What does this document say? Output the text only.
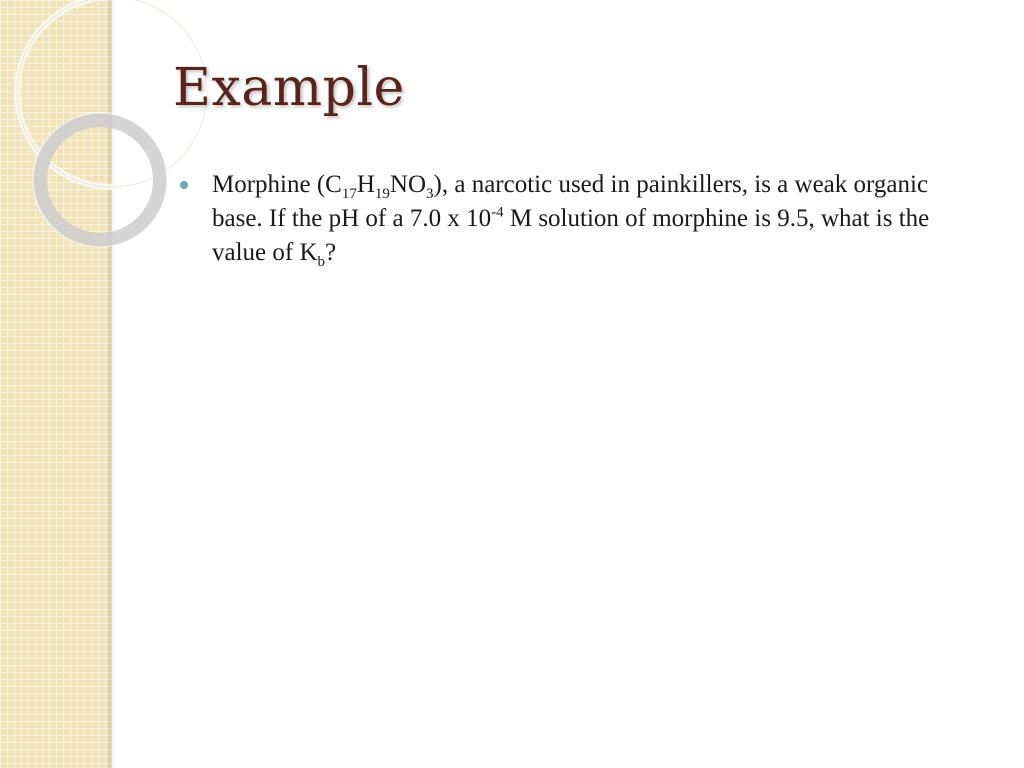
Example

Morphine $(C_{17}H_{19}NO_3)$, a narcotic used in painkillers, is a weak organic base. If the pH of a 7.0 x $10^{-4}$ M solution of morphine is 9.5, what is the value of $K_b$?
